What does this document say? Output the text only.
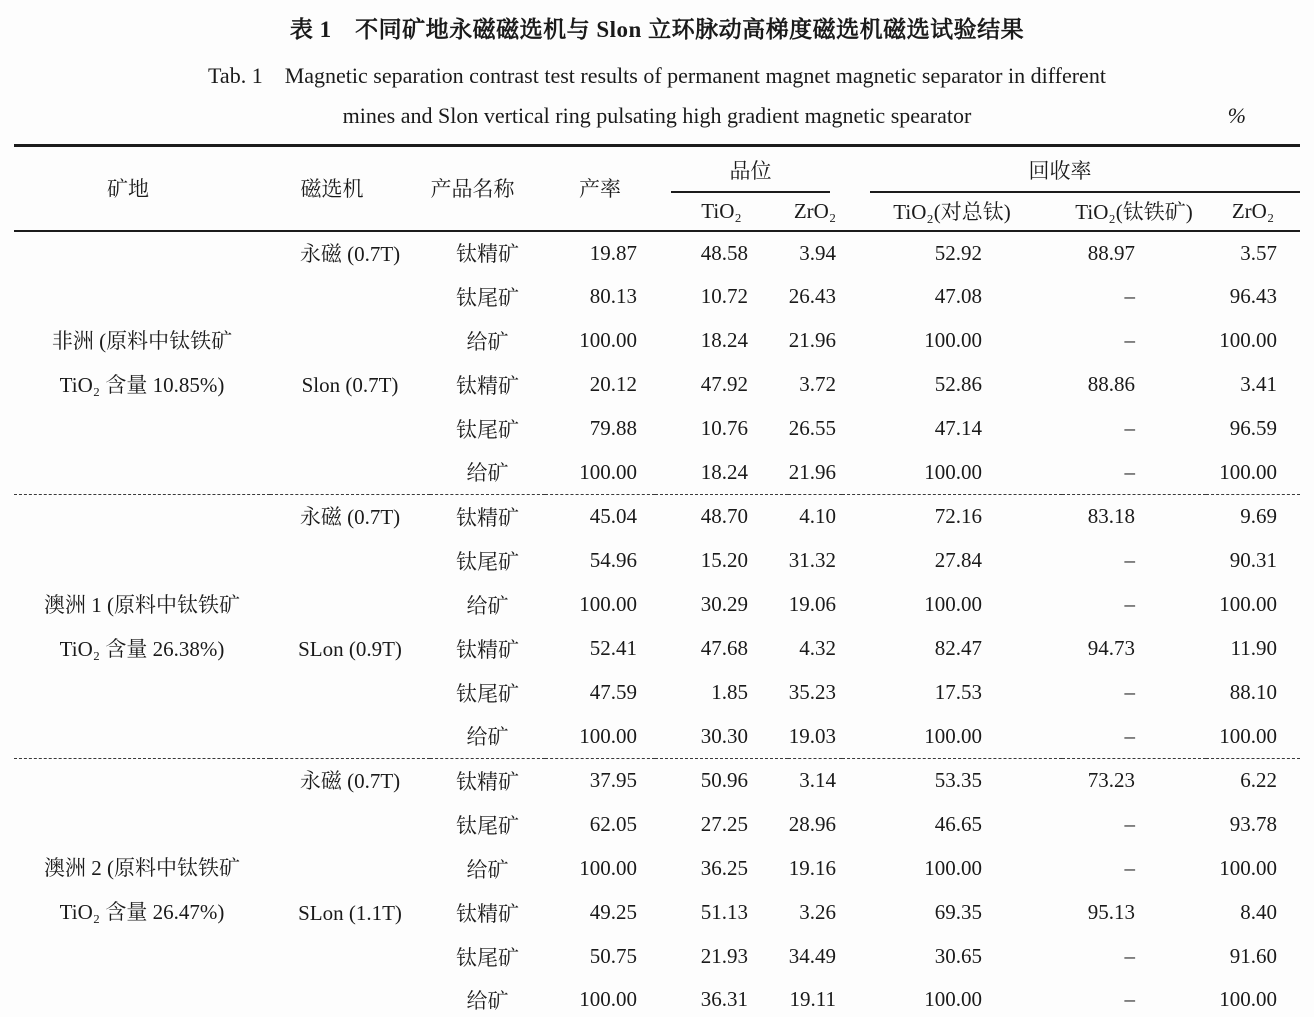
表 1　不同矿地永磁磁选机与 Slon 立环脉动高梯度磁选机磁选试验结果
Tab. 1　Magnetic separation contrast test results of permanent magnet magnetic separator in different
mines and Slon vertical ring pulsating high gradient magnetic spearator	%
矿地	磁选机	产品名称	产率	品位		回收率		

				TiO₂	ZrO₂	TiO₂(对总钛)	TiO₂(钛铁矿)	ZrO₂

非洲 (原料中钛铁矿
TiO₂ 含量 10.85%)	永磁 (0.7T)	钛精矿	19.87	48.58	3.94	52.92	88.97	3.57
		钛尾矿	80.13	10.72	26.43	47.08	–	96.43
		给矿	100.00	18.24	21.96	100.00	–	100.00
	Slon (0.7T)	钛精矿	20.12	47.92	3.72	52.86	88.86	3.41
		钛尾矿	79.88	10.76	26.55	47.14	–	96.59
		给矿	100.00	18.24	21.96	100.00	–	100.00

澳洲 1 (原料中钛铁矿
TiO₂ 含量 26.38%)	永磁 (0.7T)	钛精矿	45.04	48.70	4.10	72.16	83.18	9.69
		钛尾矿	54.96	15.20	31.32	27.84	–	90.31
		给矿	100.00	30.29	19.06	100.00	–	100.00
	SLon (0.9T)	钛精矿	52.41	47.68	4.32	82.47	94.73	11.90
		钛尾矿	47.59	1.85	35.23	17.53	–	88.10
		给矿	100.00	30.30	19.03	100.00	–	100.00

澳洲 2 (原料中钛铁矿
TiO₂ 含量 26.47%)	永磁 (0.7T)	钛精矿	37.95	50.96	3.14	53.35	73.23	6.22
		钛尾矿	62.05	27.25	28.96	46.65	–	93.78
		给矿	100.00	36.25	19.16	100.00	–	100.00
	SLon (1.1T)	钛精矿	49.25	51.13	3.26	69.35	95.13	8.40
		钛尾矿	50.75	21.93	34.49	30.65	–	91.60
		给矿	100.00	36.31	19.11	100.00	–	100.00
